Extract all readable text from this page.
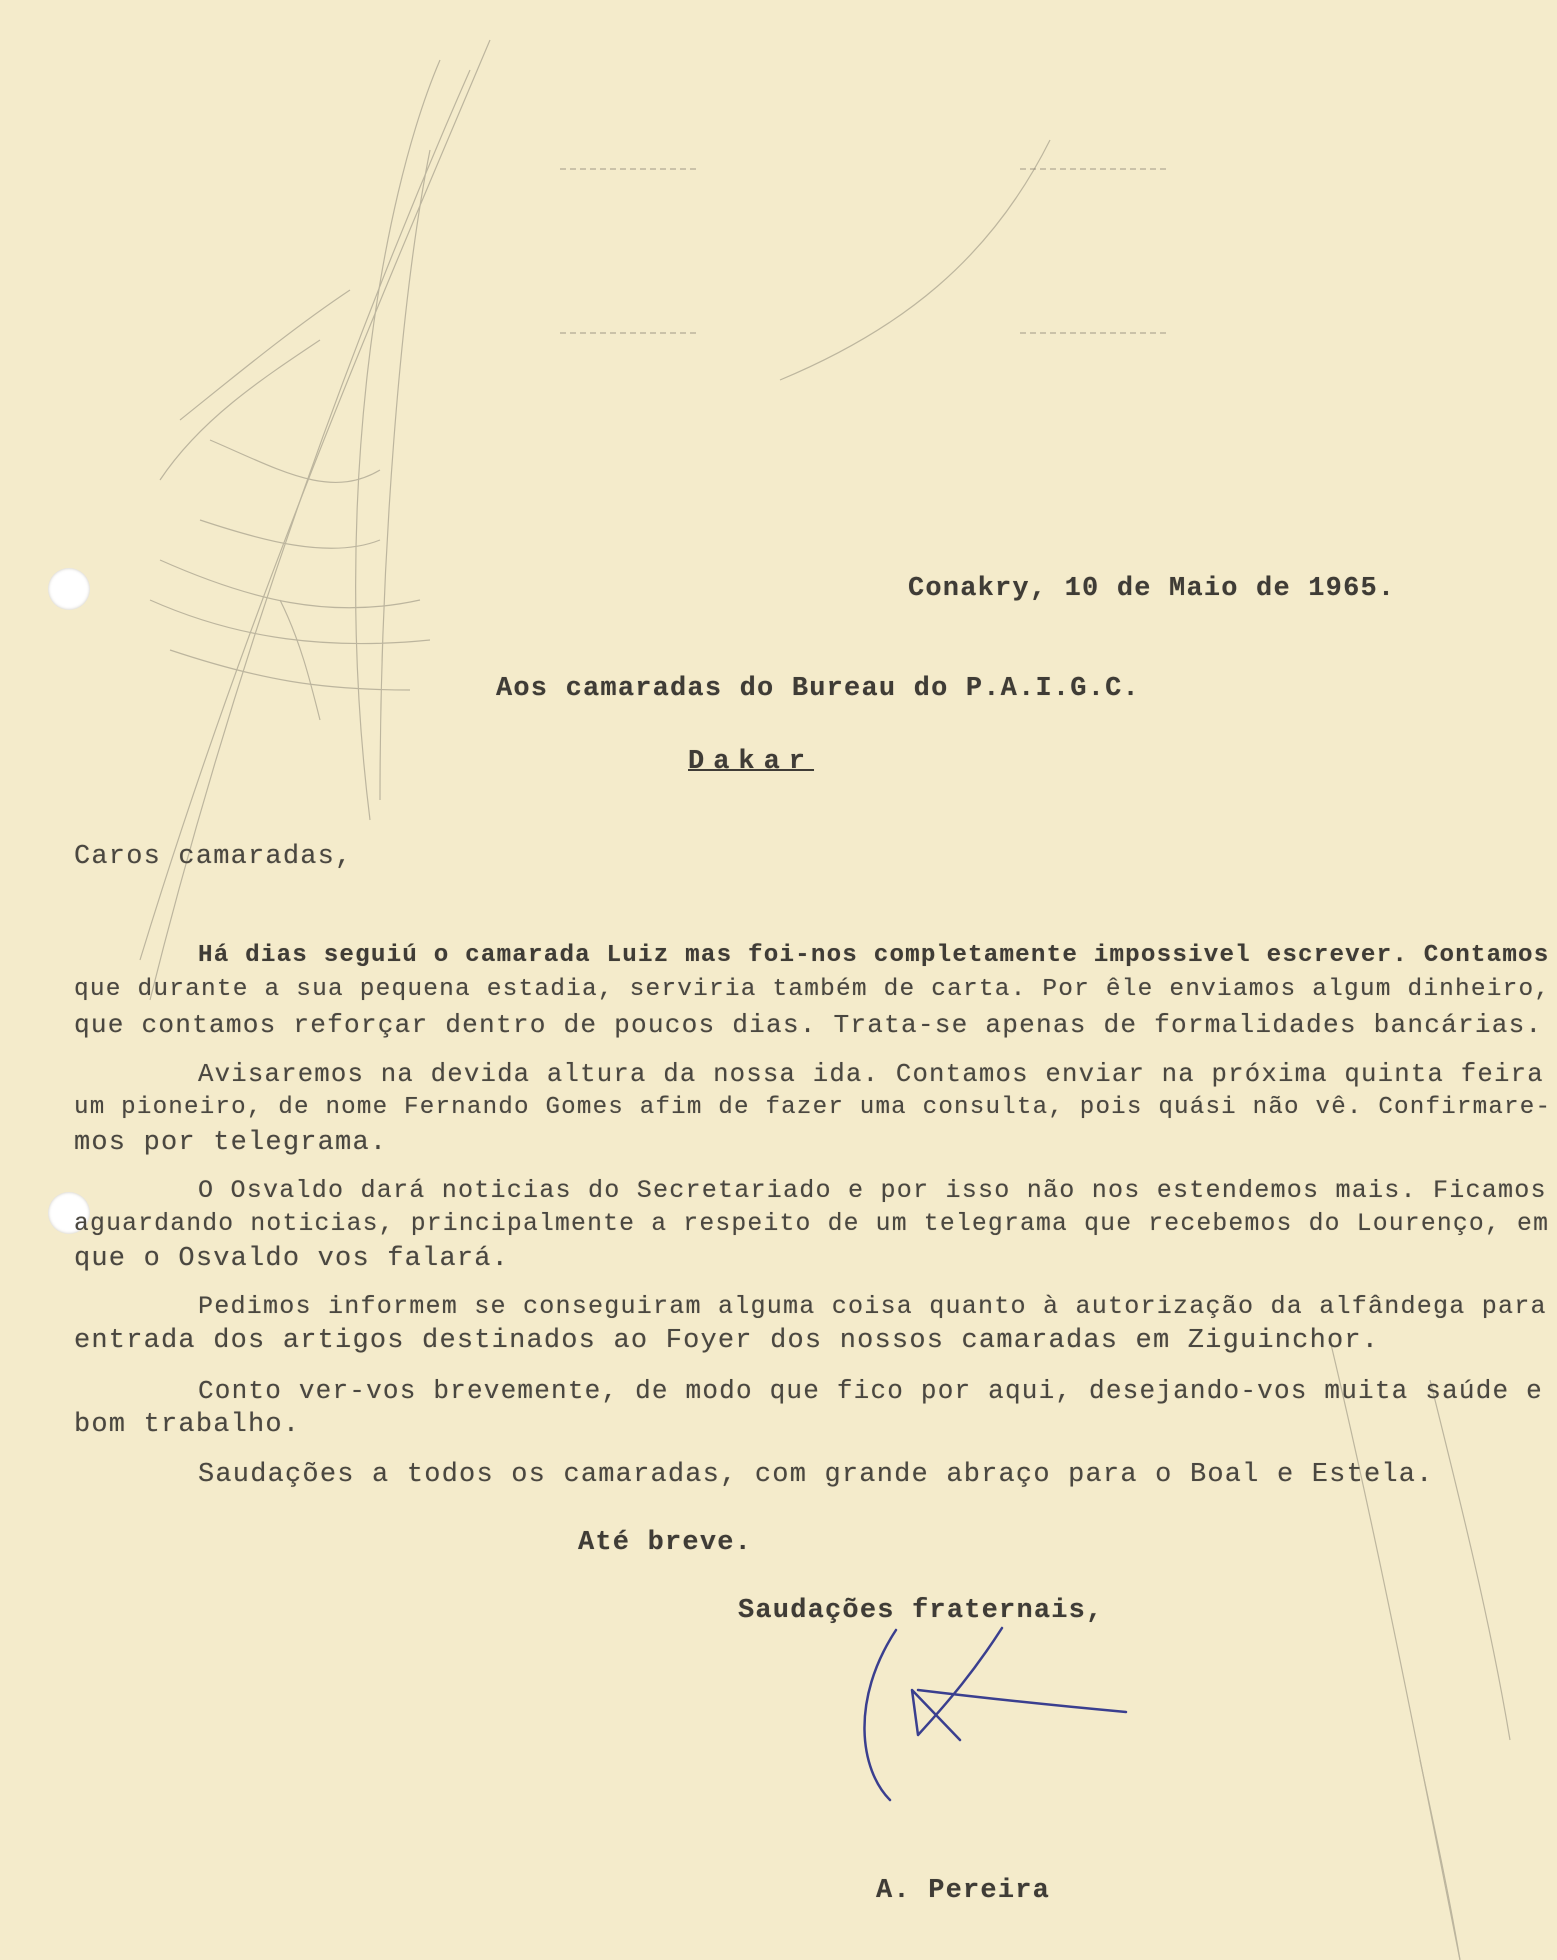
Conakry, 10 de Maio de 1965.
Aos camaradas do Bureau do P.A.I.G.C.
Dakar
Caros camaradas,
Há dias seguiú o camarada Luiz mas foi-nos completamente impossivel escrever. Contamos
que durante a sua pequena estadia, serviria também de carta. Por êle enviamos algum dinheiro,
que contamos reforçar dentro de poucos dias. Trata-se apenas de formalidades bancárias.
Avisaremos na devida altura da nossa ida. Contamos enviar na próxima quinta feira
um pioneiro, de nome Fernando Gomes afim de fazer uma consulta, pois quási não vê. Confirmare-
mos por telegrama.
O Osvaldo dará noticias do Secretariado e por isso não nos estendemos mais. Ficamos
aguardando noticias, principalmente a respeito de um telegrama que recebemos do Lourenço, em
que o Osvaldo vos falará.
Pedimos informem se conseguiram alguma coisa quanto à autorização da alfândega para
entrada dos artigos destinados ao Foyer dos nossos camaradas em Ziguinchor.
Conto ver-vos brevemente, de modo que fico por aqui, desejando-vos muita saúde e
bom trabalho.
Saudações a todos os camaradas, com grande abraço para o Boal e Estela.
Até breve.
Saudações fraternais,
A. Pereira
